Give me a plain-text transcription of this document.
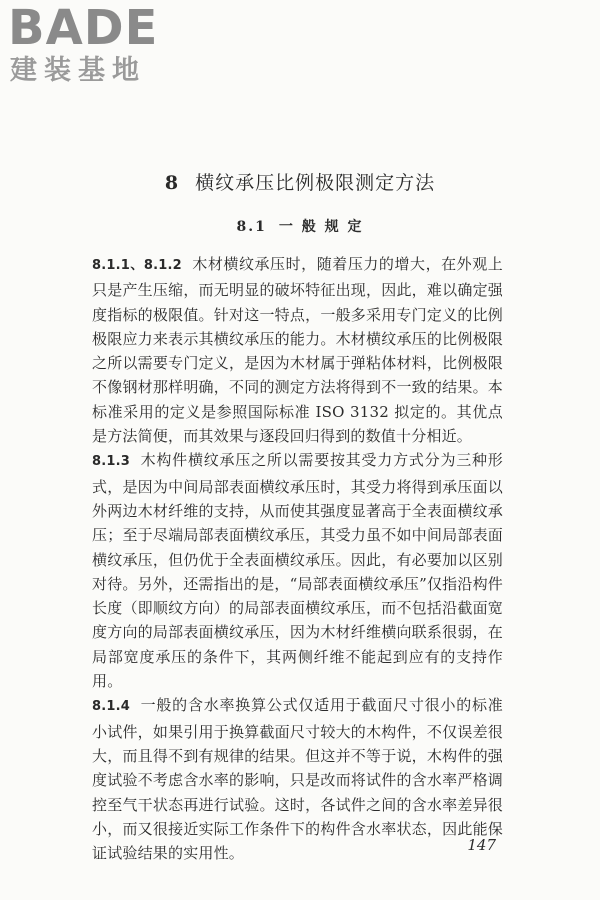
BADE
建装基地
8 横纹承压比例极限测定方法
8.1 一 般 规 定

8.1.1、8.1.2 木材横纹承压时，随着压力的增大，在外观上只是产生压缩，而无明显的破坏特征出现，因此，难以确定强度指标的极限值。针对这一特点，一般多采用专门定义的比例极限应力来表示其横纹承压的能力。木材横纹承压的比例极限之所以需要专门定义，是因为木材属于弹粘体材料，比例极限不像钢材那样明确，不同的测定方法将得到不一致的结果。本标准采用的定义是参照国际标准 ISO 3132 拟定的。其优点是方法简便，而其效果与逐段回归得到的数值十分相近。

8.1.3 木构件横纹承压之所以需要按其受力方式分为三种形式，是因为中间局部表面横纹承压时，其受力将得到承压面以外两边木材纤维的支持，从而使其强度显著高于全表面横纹承压；至于尽端局部表面横纹承压，其受力虽不如中间局部表面横纹承压，但仍优于全表面横纹承压。因此，有必要加以区别对待。另外，还需指出的是，“局部表面横纹承压”仅指沿构件长度（即顺纹方向）的局部表面横纹承压，而不包括沿截面宽度方向的局部表面横纹承压，因为木材纤维横向联系很弱，在局部宽度承压的条件下，其两侧纤维不能起到应有的支持作用。

8.1.4 一般的含水率换算公式仅适用于截面尺寸很小的标准小试件，如果引用于换算截面尺寸较大的木构件，不仅误差很大，而且得不到有规律的结果。但这并不等于说，木构件的强度试验不考虑含水率的影响，只是改而将试件的含水率严格调控至气干状态再进行试验。这时，各试件之间的含水率差异很小，而又很接近实际工作条件下的构件含水率状态，因此能保证试验结果的实用性。	147
